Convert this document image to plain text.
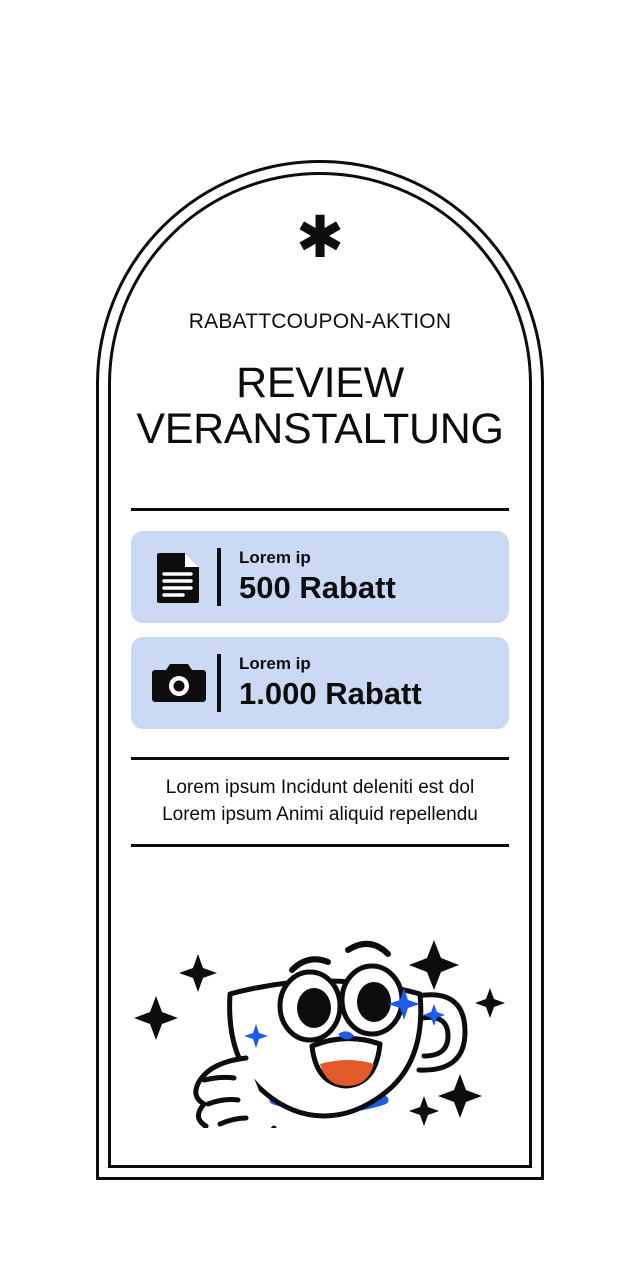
✱
RABATTCOUPON-AKTION
REVIEW
VERANSTALTUNG
Lorem ip
500 Rabatt
Lorem ip
1.000 Rabatt
Lorem ipsum Incidunt deleniti est dol
Lorem ipsum Animi aliquid repellendu
